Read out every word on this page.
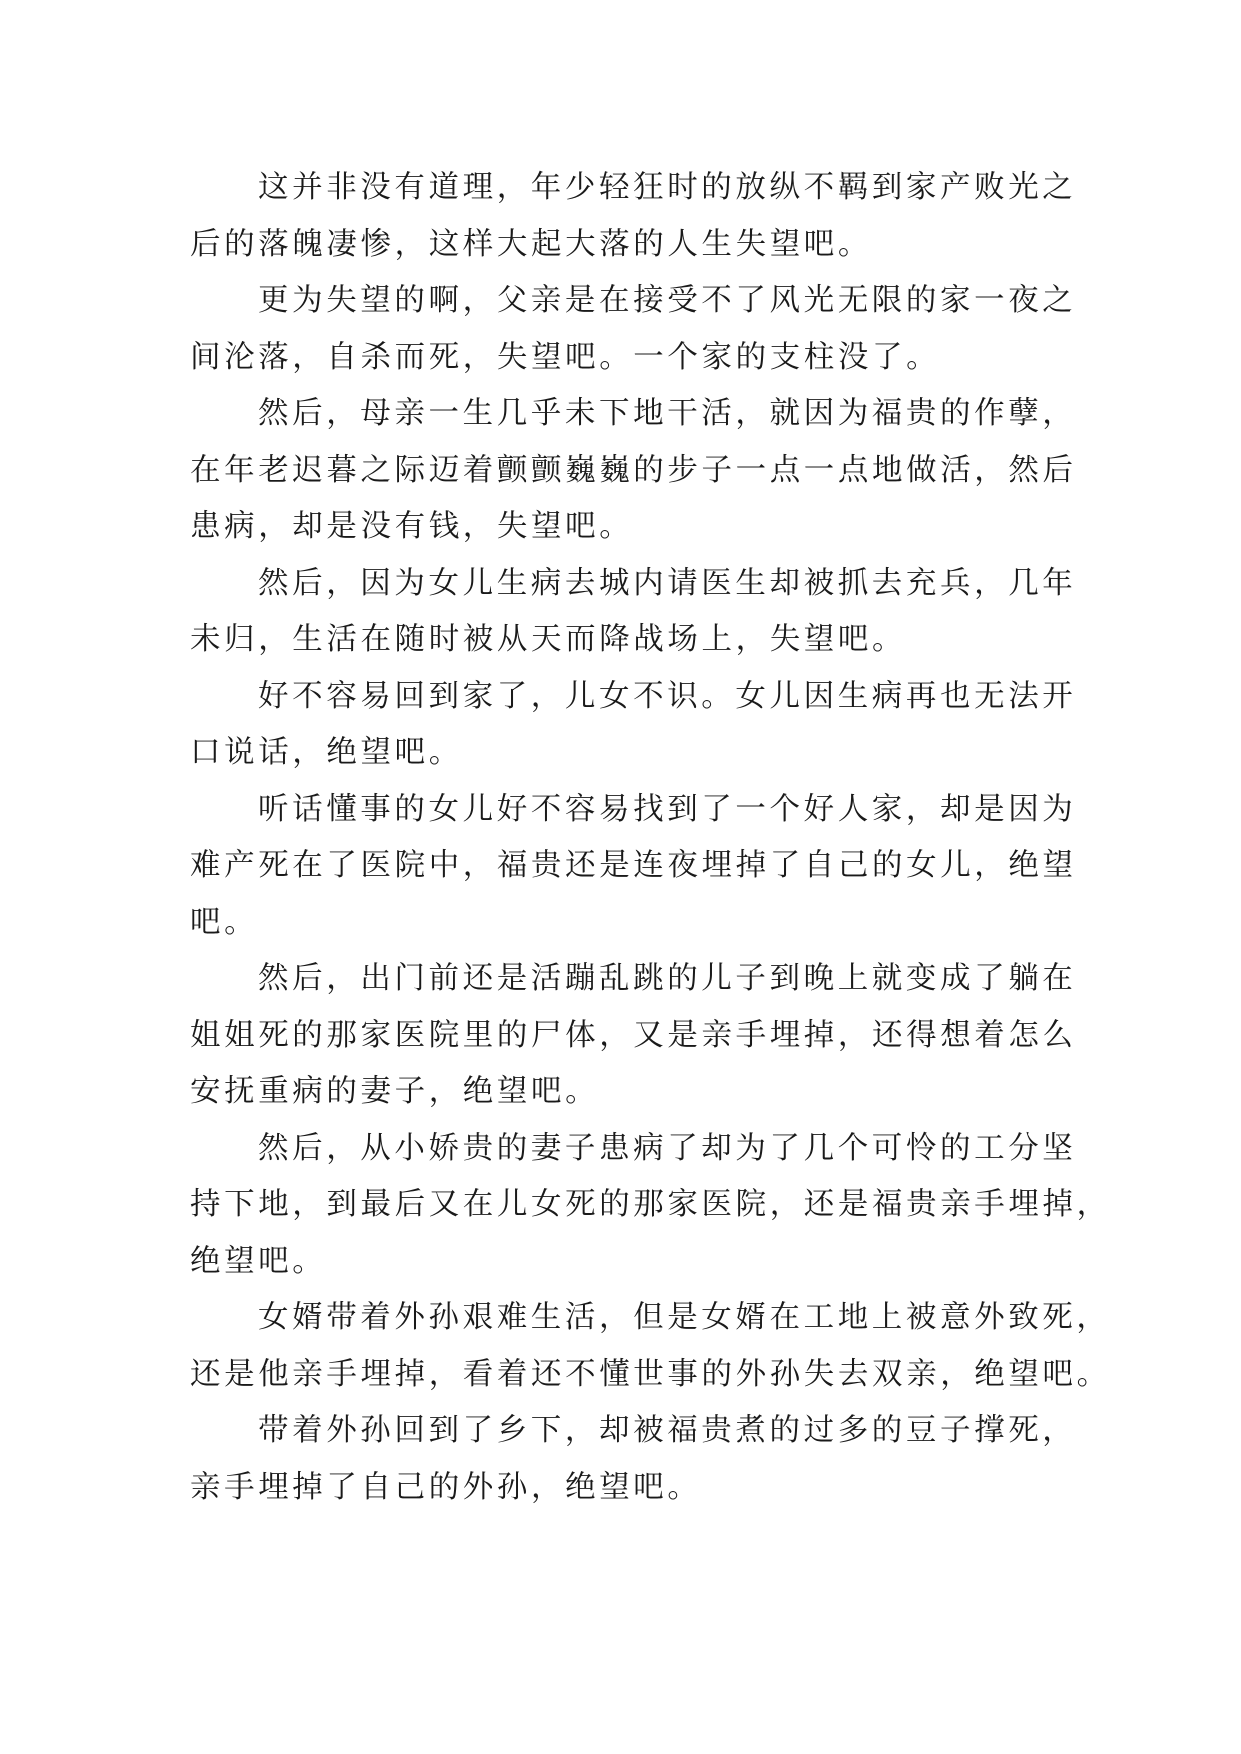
这并非没有道理，年少轻狂时的放纵不羁到家产败光之
后的落魄凄惨，这样大起大落的人生失望吧。

更为失望的啊，父亲是在接受不了风光无限的家一夜之
间沦落，自杀而死，失望吧。一个家的支柱没了。

然后，母亲一生几乎未下地干活，就因为福贵的作孽，
在年老迟暮之际迈着颤颤巍巍的步子一点一点地做活，然后
患病，却是没有钱，失望吧。

然后，因为女儿生病去城内请医生却被抓去充兵，几年
未归，生活在随时被从天而降战场上，失望吧。

好不容易回到家了，儿女不识。女儿因生病再也无法开
口说话，绝望吧。

听话懂事的女儿好不容易找到了一个好人家，却是因为
难产死在了医院中，福贵还是连夜埋掉了自己的女儿，绝望
吧。

然后，出门前还是活蹦乱跳的儿子到晚上就变成了躺在
姐姐死的那家医院里的尸体，又是亲手埋掉，还得想着怎么
安抚重病的妻子，绝望吧。

然后，从小娇贵的妻子患病了却为了几个可怜的工分坚
持下地，到最后又在儿女死的那家医院，还是福贵亲手埋掉，
绝望吧。

女婿带着外孙艰难生活，但是女婿在工地上被意外致死，
还是他亲手埋掉，看着还不懂世事的外孙失去双亲，绝望吧。

带着外孙回到了乡下，却被福贵煮的过多的豆子撑死，
亲手埋掉了自己的外孙，绝望吧。
